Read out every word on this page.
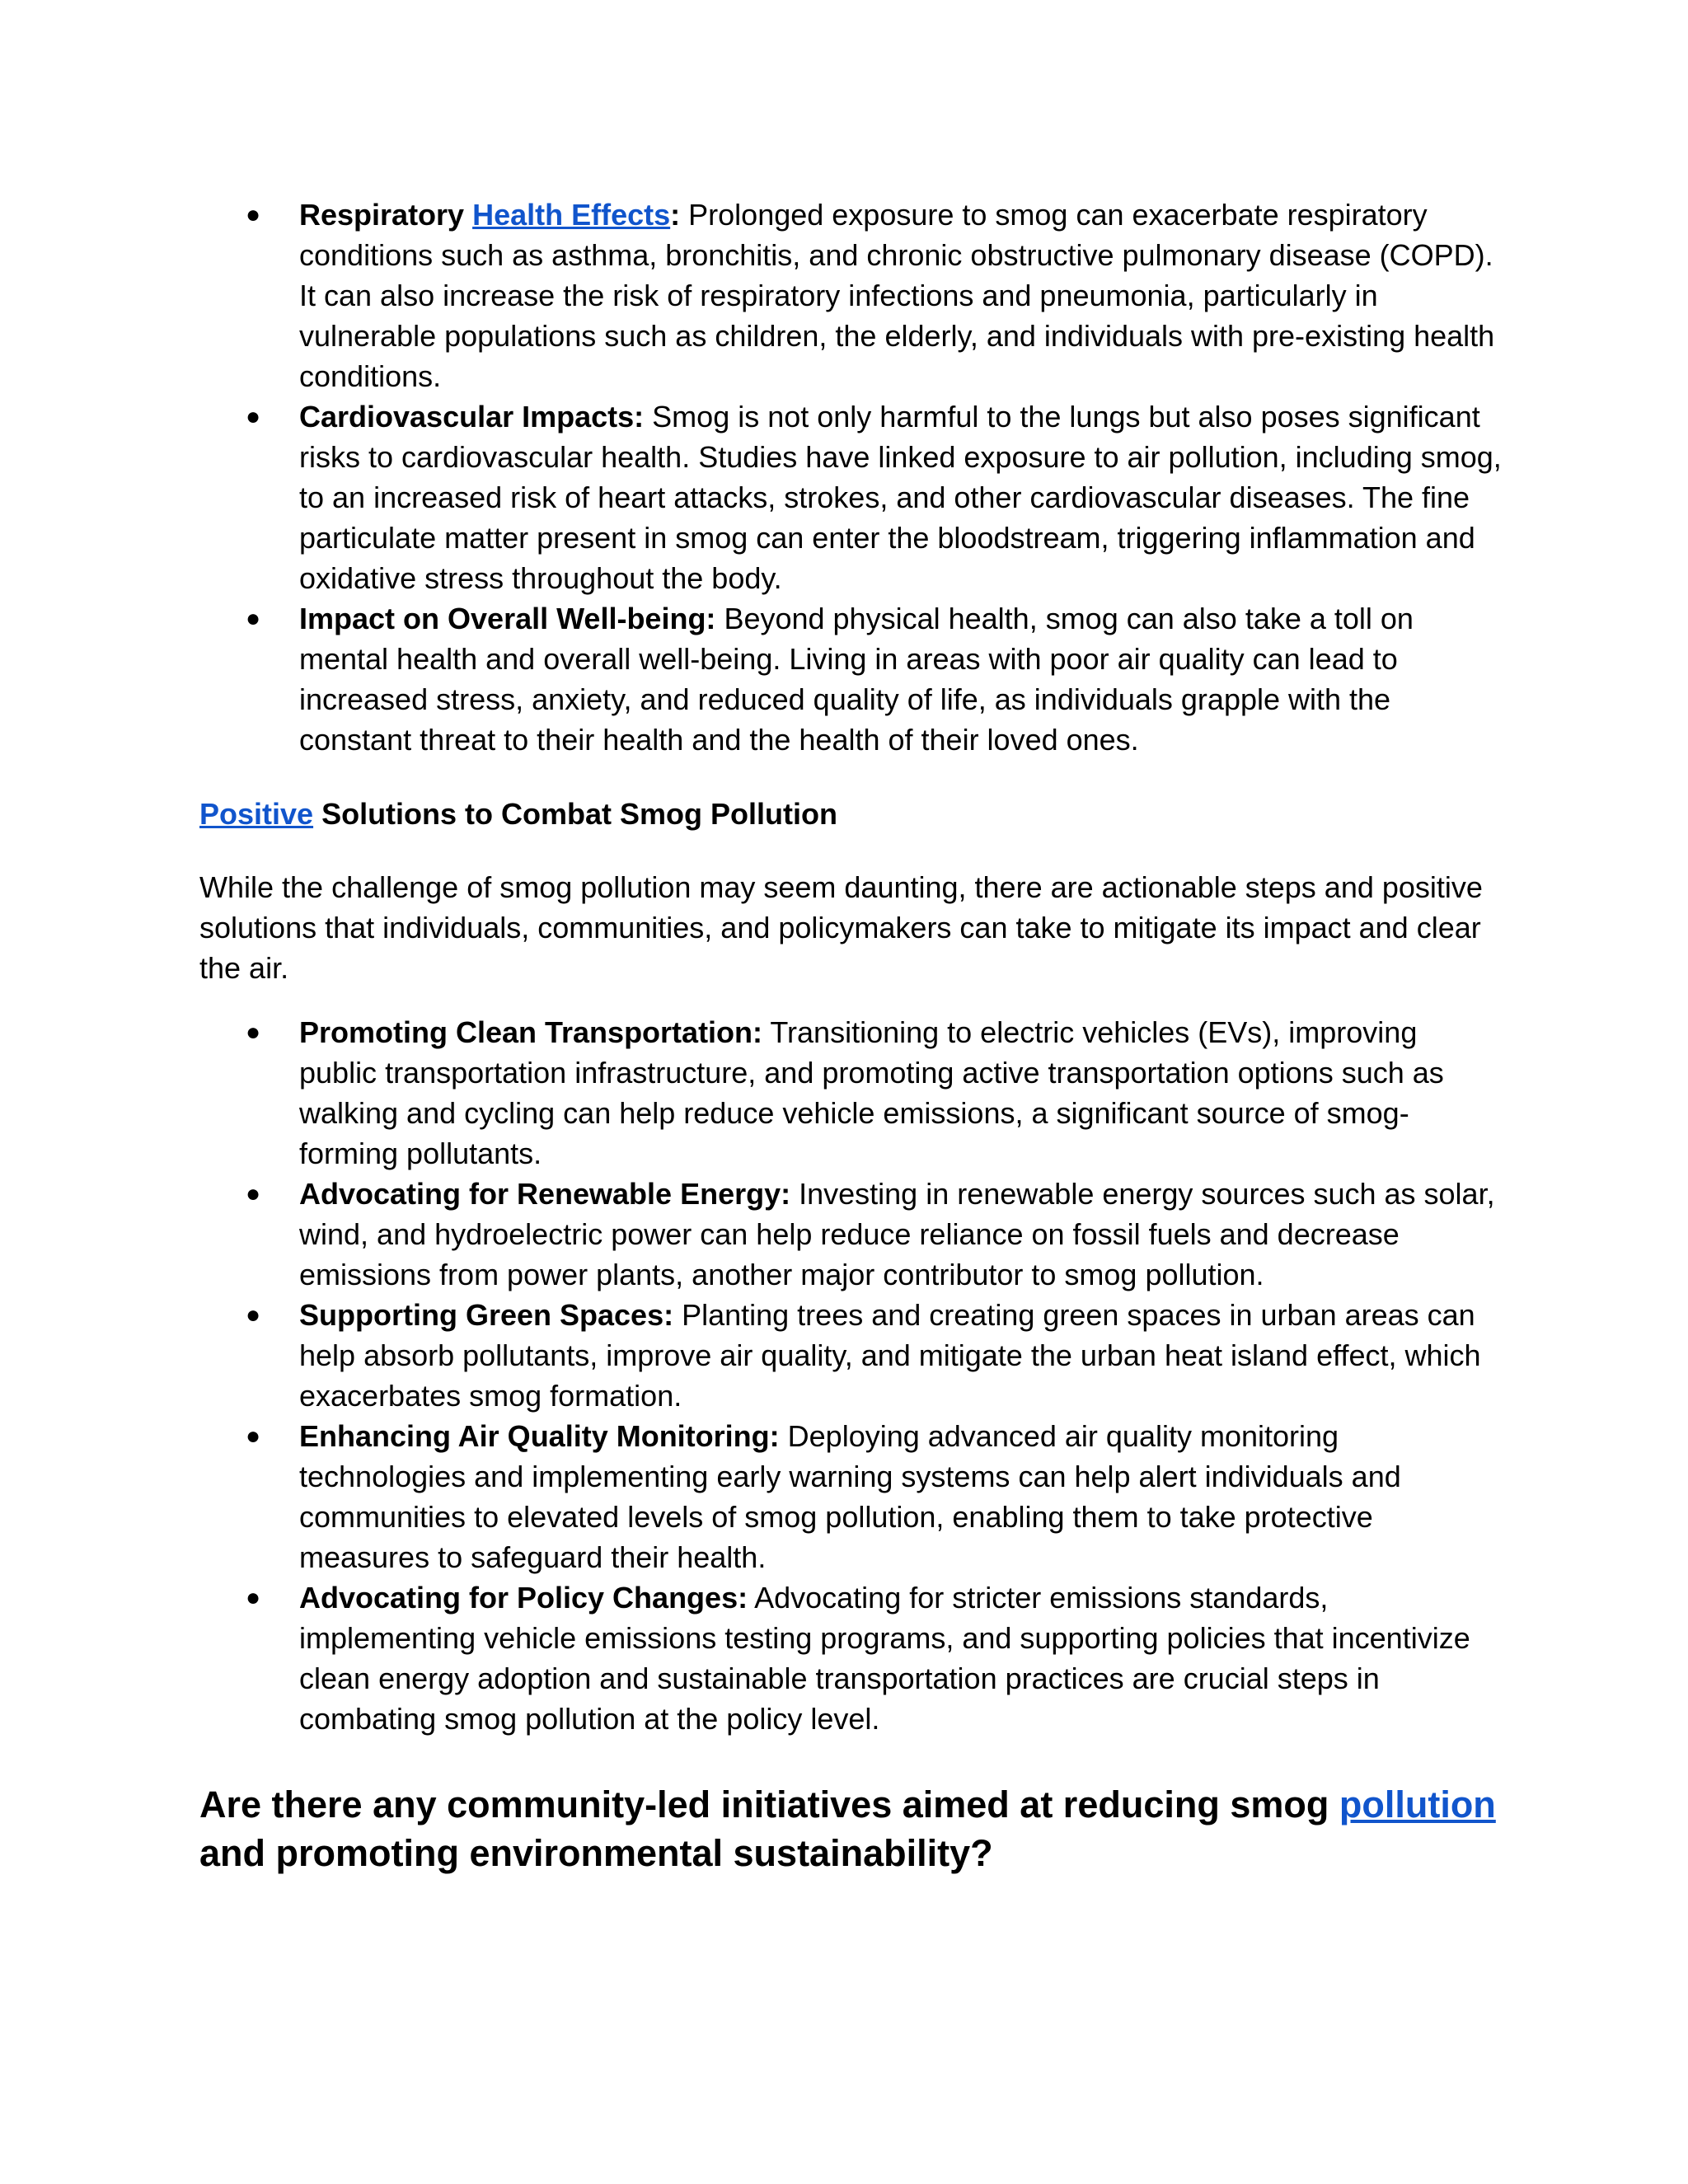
● Respiratory Health Effects: Prolonged exposure to smog can exacerbate respiratory conditions such as asthma, bronchitis, and chronic obstructive pulmonary disease (COPD). It can also increase the risk of respiratory infections and pneumonia, particularly in vulnerable populations such as children, the elderly, and individuals with pre-existing health conditions.
● Cardiovascular Impacts: Smog is not only harmful to the lungs but also poses significant risks to cardiovascular health. Studies have linked exposure to air pollution, including smog, to an increased risk of heart attacks, strokes, and other cardiovascular diseases. The fine particulate matter present in smog can enter the bloodstream, triggering inflammation and oxidative stress throughout the body.
● Impact on Overall Well-being: Beyond physical health, smog can also take a toll on mental health and overall well-being. Living in areas with poor air quality can lead to increased stress, anxiety, and reduced quality of life, as individuals grapple with the constant threat to their health and the health of their loved ones.
Positive Solutions to Combat Smog Pollution

While the challenge of smog pollution may seem daunting, there are actionable steps and positive solutions that individuals, communities, and policymakers can take to mitigate its impact and clear the air.

● Promoting Clean Transportation: Transitioning to electric vehicles (EVs), improving public transportation infrastructure, and promoting active transportation options such as walking and cycling can help reduce vehicle emissions, a significant source of smog-forming pollutants.
● Advocating for Renewable Energy: Investing in renewable energy sources such as solar, wind, and hydroelectric power can help reduce reliance on fossil fuels and decrease emissions from power plants, another major contributor to smog pollution.
● Supporting Green Spaces: Planting trees and creating green spaces in urban areas can help absorb pollutants, improve air quality, and mitigate the urban heat island effect, which exacerbates smog formation.
● Enhancing Air Quality Monitoring: Deploying advanced air quality monitoring technologies and implementing early warning systems can help alert individuals and communities to elevated levels of smog pollution, enabling them to take protective measures to safeguard their health.
● Advocating for Policy Changes: Advocating for stricter emissions standards, implementing vehicle emissions testing programs, and supporting policies that incentivize clean energy adoption and sustainable transportation practices are crucial steps in combating smog pollution at the policy level.
Are there any community-led initiatives aimed at reducing smog pollution and promoting environmental sustainability?
